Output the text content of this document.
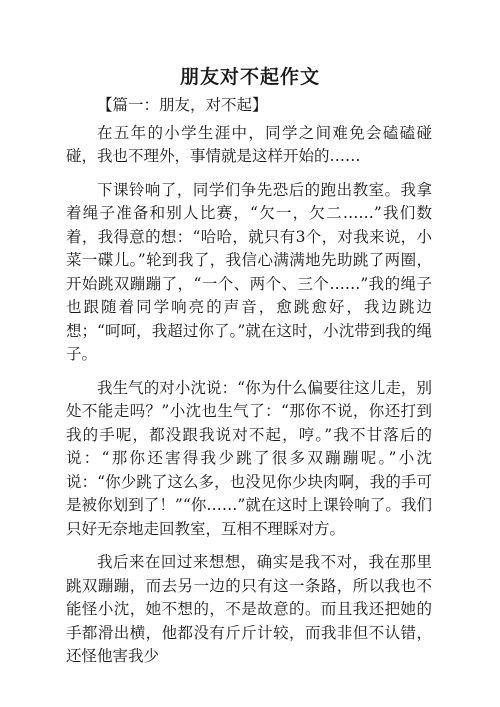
朋友对不起作文

【篇一：朋友，对不起】

在五年的小学生涯中，同学之间难免会磕磕碰碰，我也不理外，事情就是这样开始的……

下课铃响了，同学们争先恐后的跑出教室。我拿着绳子准备和别人比赛，“欠一，欠二……”我们数着，我得意的想：“哈哈，就只有3个，对我来说，小菜一碟儿。”轮到我了，我信心满满地先助跳了两圈，开始跳双蹦蹦了，“一个、两个、三个……”我的绳子也跟随着同学响亮的声音，愈跳愈好，我边跳边想；“呵呵，我超过你了。”就在这时，小沈带到我的绳子。

我生气的对小沈说：“你为什么偏要往这儿走，别处不能走吗？”小沈也生气了：“那你不说，你还打到我的手呢，都没跟我说对不起，哼。”我不甘落后的说：“那你还害得我少跳了很多双蹦蹦呢。”小沈说：“你少跳了这么多，也没见你少块肉啊，我的手可是被你划到了！”“你……”就在这时上课铃响了。我们只好无奈地走回教室，互相不理睬对方。

我后来在回过来想想，确实是我不对，我在那里跳双蹦蹦，而去另一边的只有这一条路，所以我也不能怪小沈，她不想的，不是故意的。而且我还把她的手都滑出横，他都没有斤斤计较，而我非但不认错，还怪他害我少
